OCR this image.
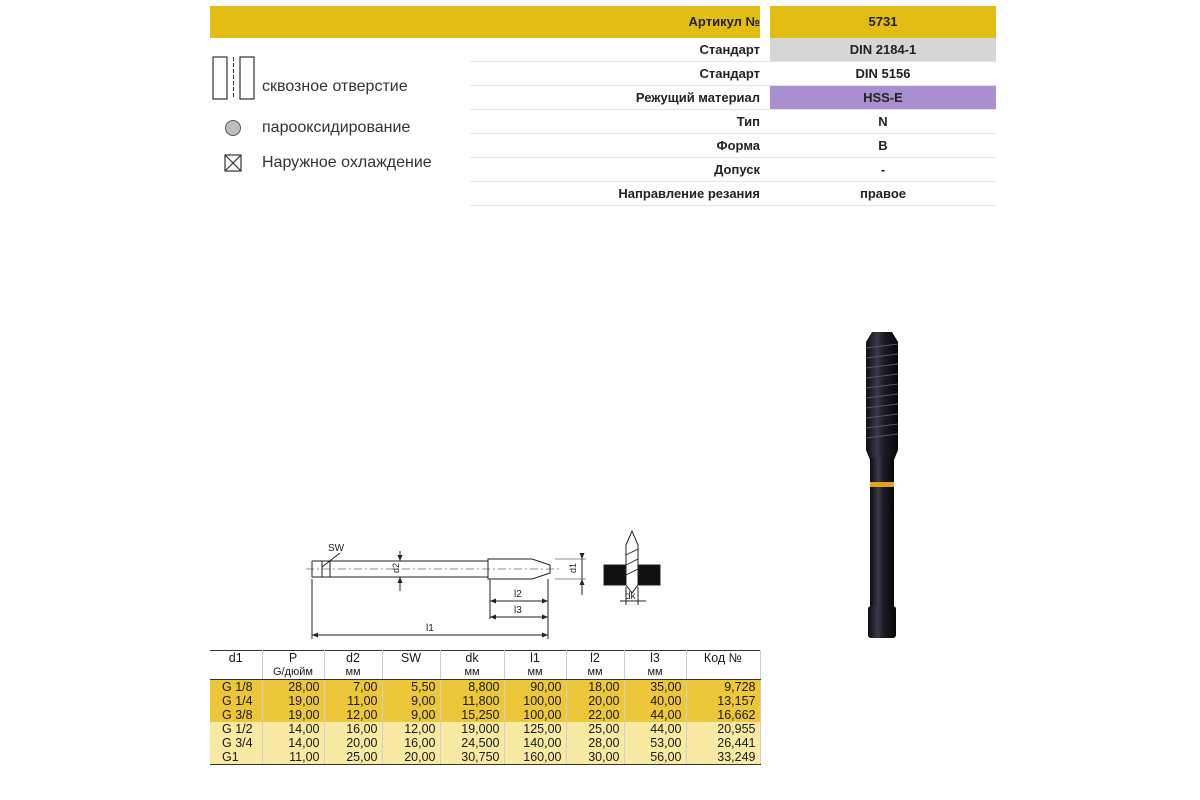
Артикул №	5731
Стандарт	DIN 2184-1
Стандарт	DIN 5156
Режущий материал	HSS-E
Тип	N
Форма	B
Допуск	-
Направление резания	правое
сквозное отверстие
парооксидирование
Наружное охлаждение
SW
d2	d1
l1
l2
l3
dk
d1	P	d2	SW	dk	l1	l2	l3	Код №
	G/дюйм	мм		мм	мм	мм	мм	
G 1/8	28,00	7,00	5,50	8,800	90,00	18,00	35,00	9,728
G 1/4	19,00	11,00	9,00	11,800	100,00	20,00	40,00	13,157
G 3/8	19,00	12,00	9,00	15,250	100,00	22,00	44,00	16,662
G 1/2	14,00	16,00	12,00	19,000	125,00	25,00	44,00	20,955
G 3/4	14,00	20,00	16,00	24,500	140,00	28,00	53,00	26,441
G1	11,00	25,00	20,00	30,750	160,00	30,00	56,00	33,249
